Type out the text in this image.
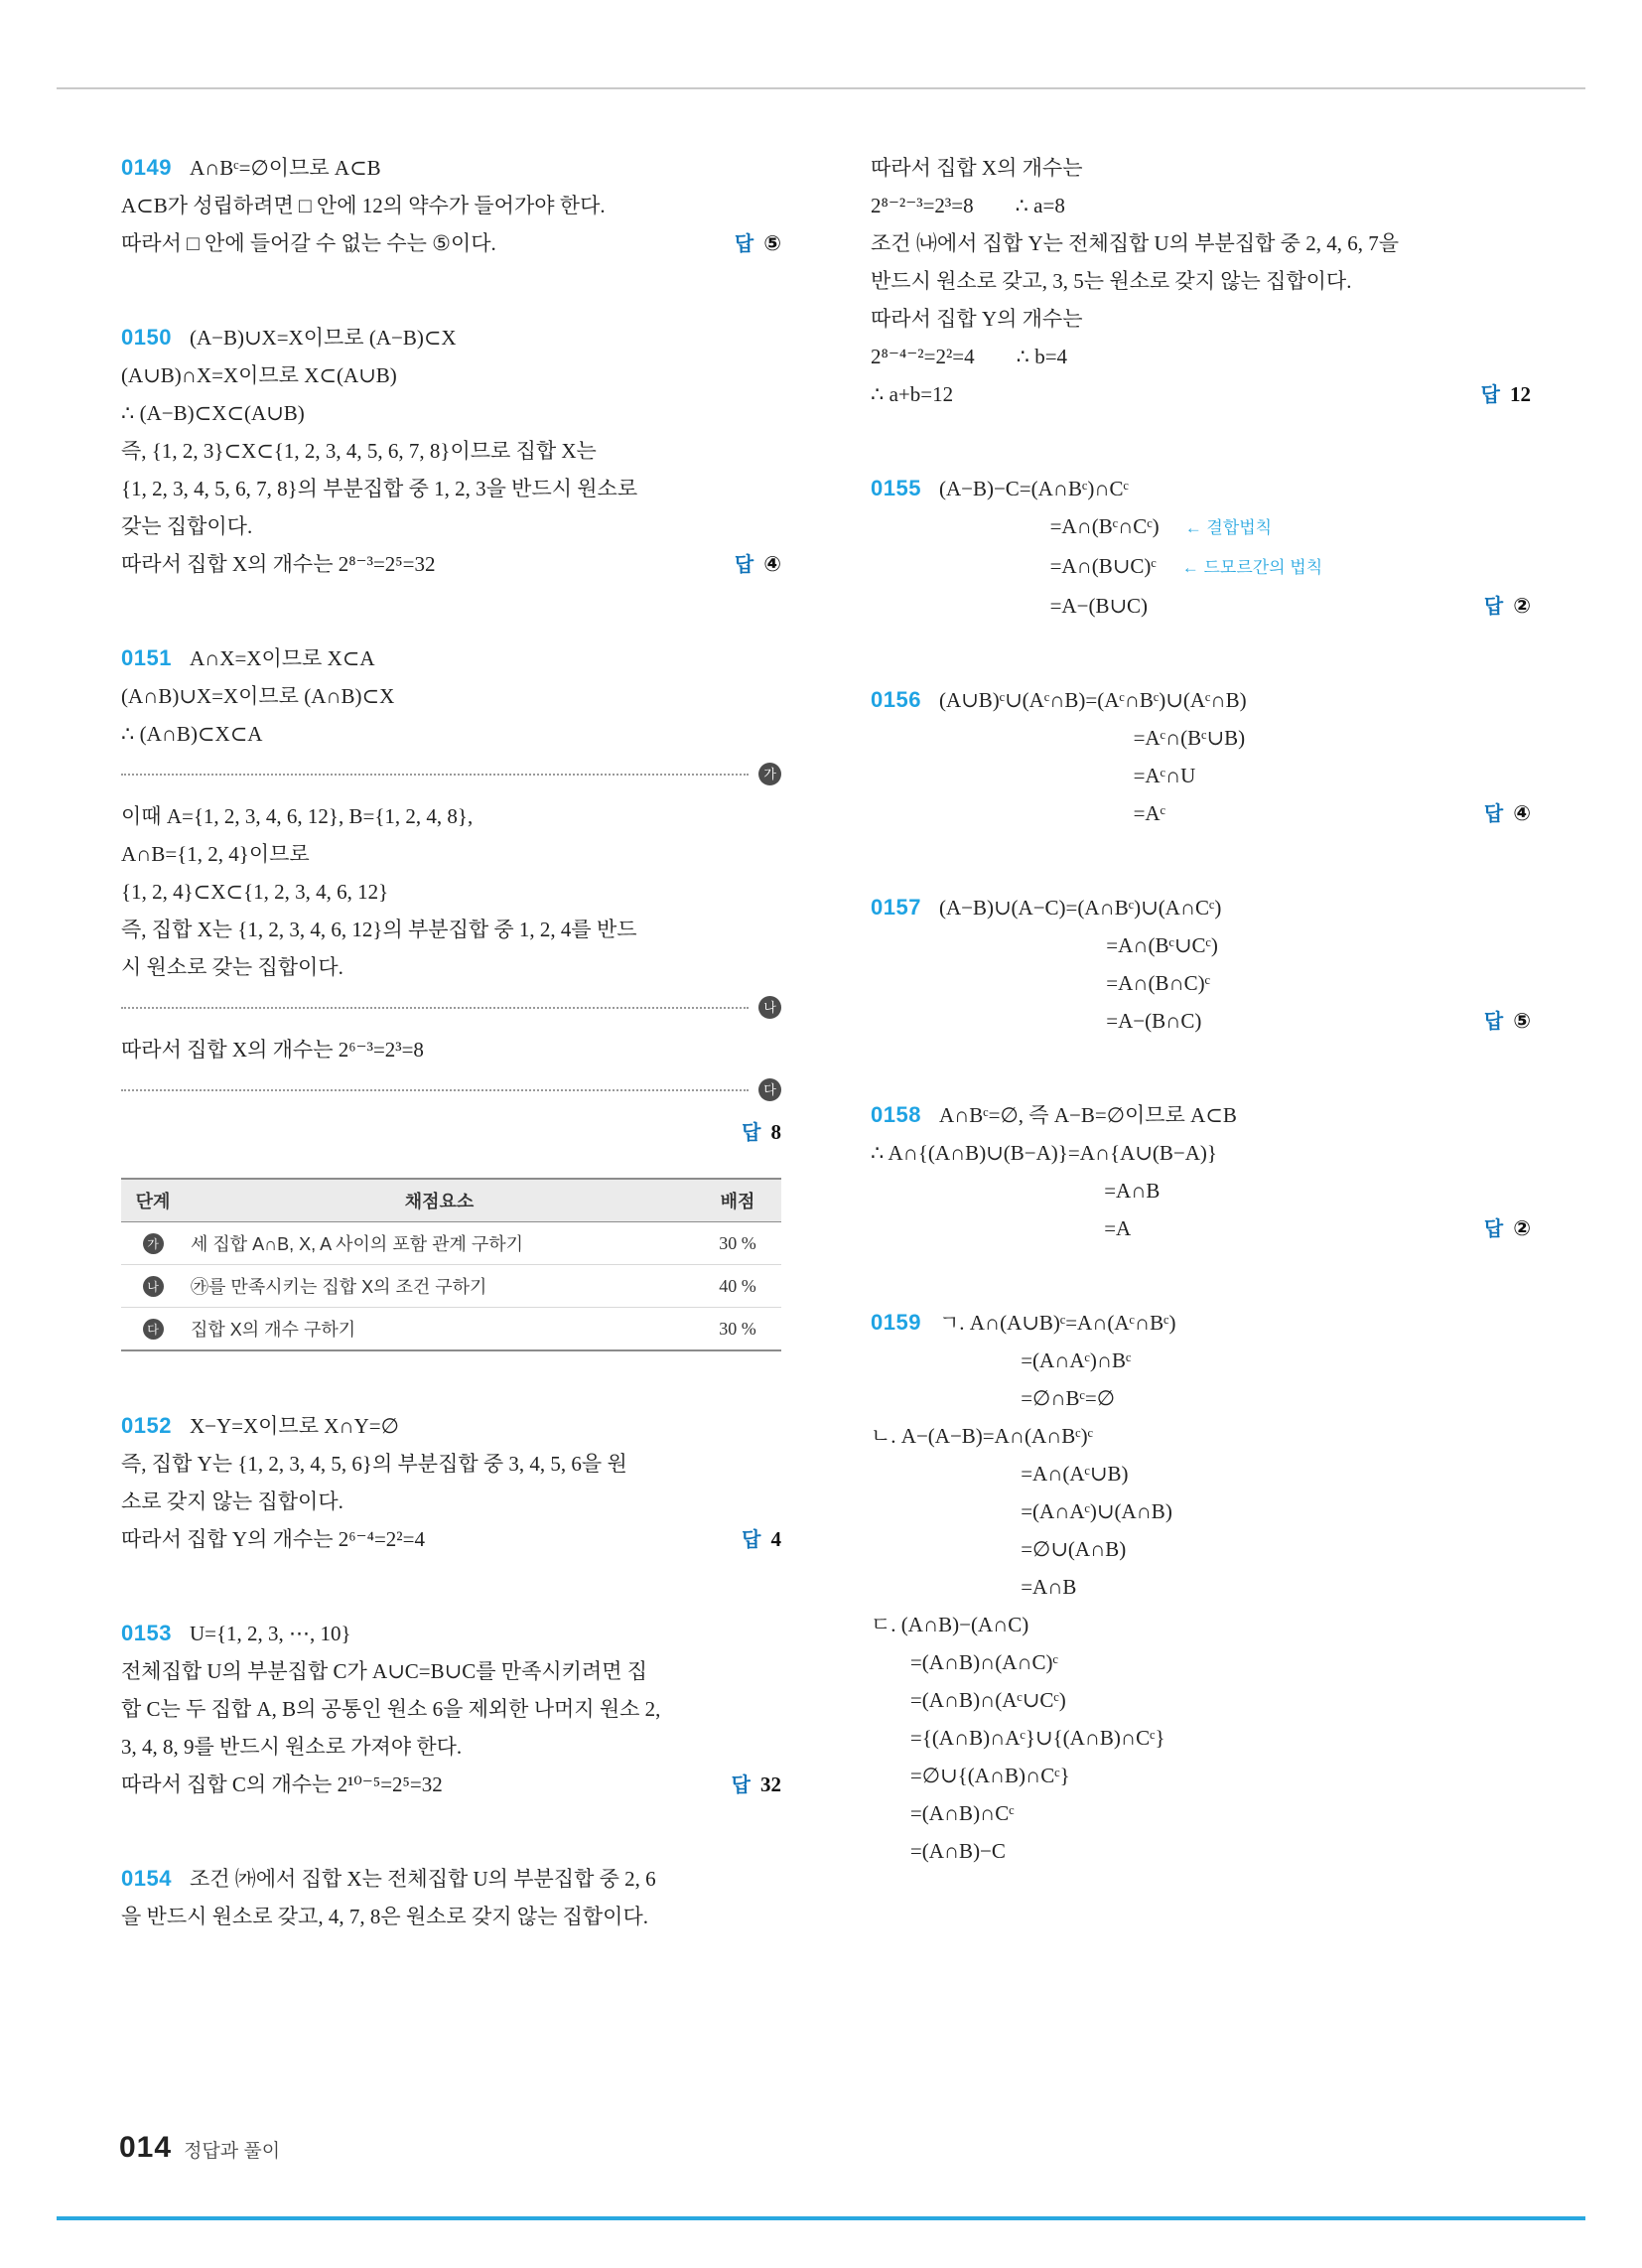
0149 A∩Bᶜ=∅이므로 A⊂B
A⊂B가 성립하려면 □ 안에 12의 약수가 들어가야 한다.
따라서 □ 안에 들어갈 수 없는 수는 ⑤이다.	답 ⑤
0150 (A−B)∪X=X이므로 (A−B)⊂X
(A∪B)∩X=X이므로 X⊂(A∪B)
∴ (A−B)⊂X⊂(A∪B)
즉, {1, 2, 3}⊂X⊂{1, 2, 3, 4, 5, 6, 7, 8}이므로 집합 X는
{1, 2, 3, 4, 5, 6, 7, 8}의 부분집합 중 1, 2, 3을 반드시 원소로
갖는 집합이다.
따라서 집합 X의 개수는 2⁸⁻³=2⁵=32	답 ④
0151 A∩X=X이므로 X⊂A
(A∩B)∪X=X이므로 (A∩B)⊂X
∴ (A∩B)⊂X⊂A
가
이때 A={1, 2, 3, 4, 6, 12}, B={1, 2, 4, 8},
A∩B={1, 2, 4}이므로
{1, 2, 4}⊂X⊂{1, 2, 3, 4, 6, 12}
즉, 집합 X는 {1, 2, 3, 4, 6, 12}의 부분집합 중 1, 2, 4를 반드
시 원소로 갖는 집합이다.
나
따라서 집합 X의 개수는 2⁶⁻³=2³=8
다
답 8
단계	채점요소	배점
가	세 집합 A∩B, X, A 사이의 포함 관계 구하기	30 %
나	㉮를 만족시키는 집합 X의 조건 구하기	40 %
다	집합 X의 개수 구하기	30 %
0152 X−Y=X이므로 X∩Y=∅
즉, 집합 Y는 {1, 2, 3, 4, 5, 6}의 부분집합 중 3, 4, 5, 6을 원
소로 갖지 않는 집합이다.
따라서 집합 Y의 개수는 2⁶⁻⁴=2²=4	답 4
0153 U={1, 2, 3, ⋯, 10}
전체집합 U의 부분집합 C가 A∪C=B∪C를 만족시키려면 집
합 C는 두 집합 A, B의 공통인 원소 6을 제외한 나머지 원소 2,
3, 4, 8, 9를 반드시 원소로 가져야 한다.
따라서 집합 C의 개수는 2¹⁰⁻⁵=2⁵=32	답 32
0154 조건 ㈎에서 집합 X는 전체집합 U의 부분집합 중 2, 6
을 반드시 원소로 갖고, 4, 7, 8은 원소로 갖지 않는 집합이다.
따라서 집합 X의 개수는
2⁸⁻²⁻³=2³=8  ∴ a=8
조건 ㈏에서 집합 Y는 전체집합 U의 부분집합 중 2, 4, 6, 7을
반드시 원소로 갖고, 3, 5는 원소로 갖지 않는 집합이다.
따라서 집합 Y의 개수는
2⁸⁻⁴⁻²=2²=4  ∴ b=4
∴ a+b=12	답 12
0155 (A−B)−C=(A∩Bᶜ)∩Cᶜ
=A∩(Bᶜ∩Cᶜ) ← 결합법칙
=A∩(B∪C)ᶜ ← 드모르간의 법칙
=A−(B∪C)	답 ②
0156 (A∪B)ᶜ∪(Aᶜ∩B)=(Aᶜ∩Bᶜ)∪(Aᶜ∩B)
=Aᶜ∩(Bᶜ∪B)
=Aᶜ∩U
=Aᶜ	답 ④
0157 (A−B)∪(A−C)=(A∩Bᶜ)∪(A∩Cᶜ)
=A∩(Bᶜ∪Cᶜ)
=A∩(B∩C)ᶜ
=A−(B∩C)	답 ⑤
0158 A∩Bᶜ=∅, 즉 A−B=∅이므로 A⊂B
∴ A∩{(A∩B)∪(B−A)}=A∩{A∪(B−A)}
=A∩B
=A	답 ②
0159 ㄱ. A∩(A∪B)ᶜ=A∩(Aᶜ∩Bᶜ)
=(A∩Aᶜ)∩Bᶜ
=∅∩Bᶜ=∅
ㄴ. A−(A−B)=A∩(A∩Bᶜ)ᶜ
=A∩(Aᶜ∪B)
=(A∩Aᶜ)∪(A∩B)
=∅∪(A∩B)
=A∩B
ㄷ. (A∩B)−(A∩C)
=(A∩B)∩(A∩C)ᶜ
=(A∩B)∩(Aᶜ∪Cᶜ)
={(A∩B)∩Aᶜ}∪{(A∩B)∩Cᶜ}
=∅∪{(A∩B)∩Cᶜ}
=(A∩B)∩Cᶜ
=(A∩B)−C
014 정답과 풀이
